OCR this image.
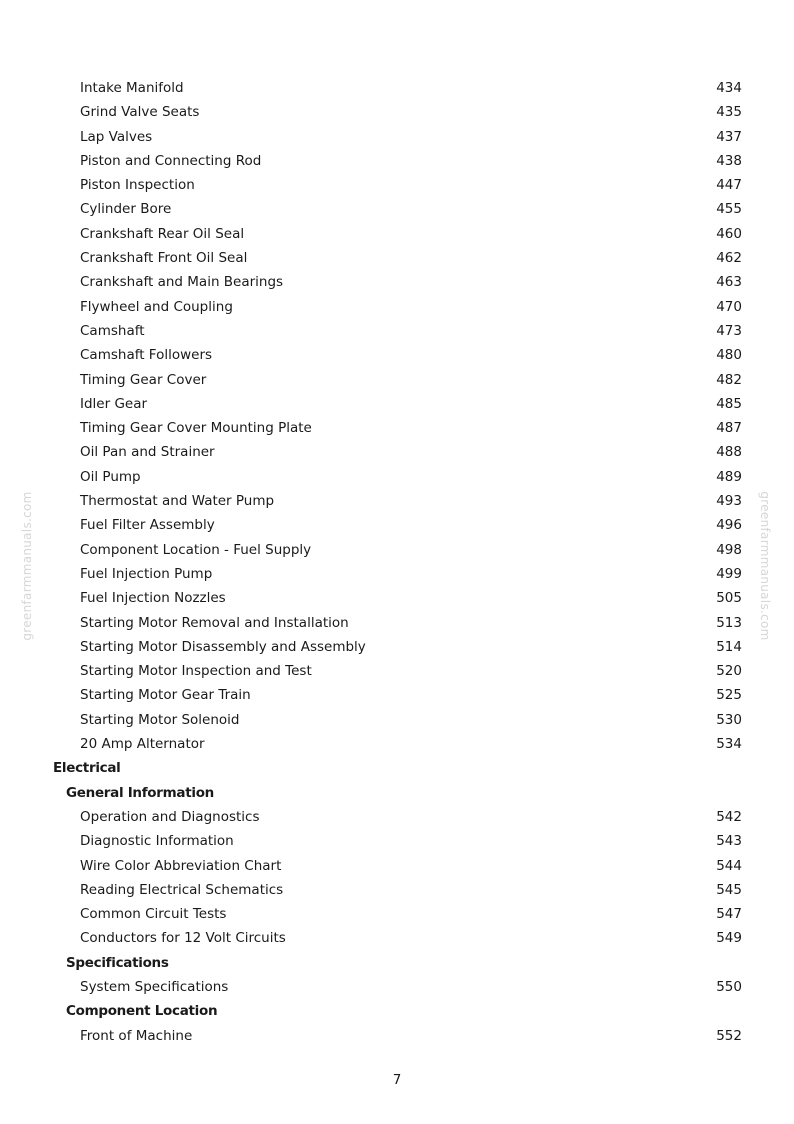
greenfarmmanuals.com	greenfarmmanuals.com
Intake Manifold	434
Grind Valve Seats	435
Lap Valves	437
Piston and Connecting Rod	438
Piston Inspection	447
Cylinder Bore	455
Crankshaft Rear Oil Seal	460
Crankshaft Front Oil Seal	462
Crankshaft and Main Bearings	463
Flywheel and Coupling	470
Camshaft	473
Camshaft Followers	480
Timing Gear Cover	482
Idler Gear	485
Timing Gear Cover Mounting Plate	487
Oil Pan and Strainer	488
Oil Pump	489
Thermostat and Water Pump	493
Fuel Filter Assembly	496
Component Location - Fuel Supply	498
Fuel Injection Pump	499
Fuel Injection Nozzles	505
Starting Motor Removal and Installation	513
Starting Motor Disassembly and Assembly	514
Starting Motor Inspection and Test	520
Starting Motor Gear Train	525
Starting Motor Solenoid	530
20 Amp Alternator	534
Electrical
General Information
Operation and Diagnostics	542
Diagnostic Information	543
Wire Color Abbreviation Chart	544
Reading Electrical Schematics	545
Common Circuit Tests	547
Conductors for 12 Volt Circuits	549
Specifications
System Specifications	550
Component Location
Front of Machine	552
7
